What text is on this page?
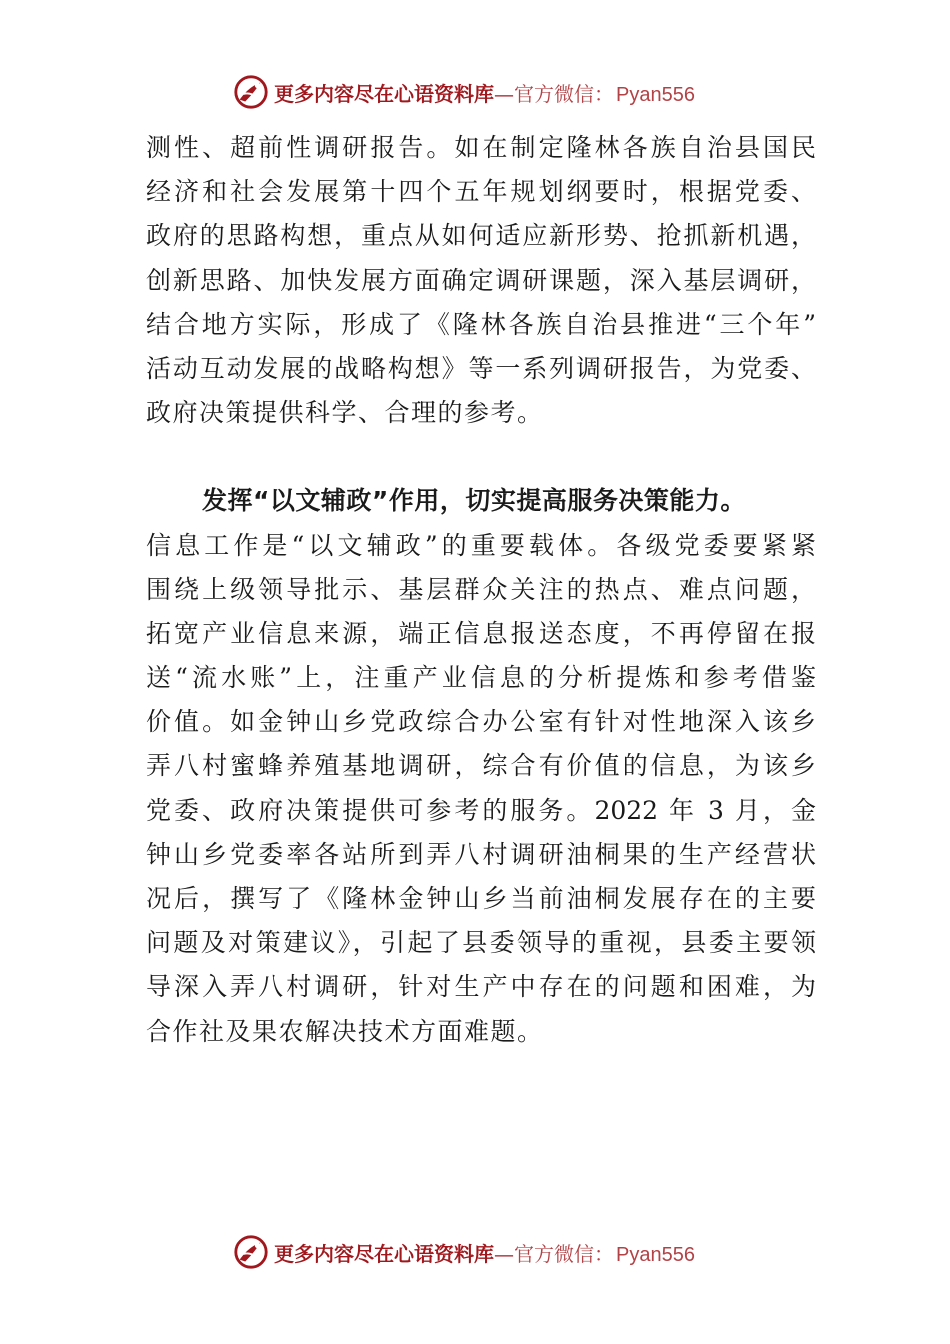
更多内容尽在心语资料库—官方微信： Pyan556
测性、超前性调研报告。如在制定隆林各族自治县国民
经济和社会发展第十四个五年规划纲要时，根据党委、
政府的思路构想，重点从如何适应新形势、抢抓新机遇，
创新思路、加快发展方面确定调研课题，深入基层调研，
结合地方实际，形成了《隆林各族自治县推进“三个年”
活动互动发展的战略构想》等一系列调研报告，为党委、
政府决策提供科学、合理的参考。
发挥“以文辅政”作用，切实提高服务决策能力。
信息工作是“以文辅政”的重要载体。各级党委要紧紧
围绕上级领导批示、基层群众关注的热点、难点问题，
拓宽产业信息来源，端正信息报送态度，不再停留在报
送“流水账”上，注重产业信息的分析提炼和参考借鉴
价值。如金钟山乡党政综合办公室有针对性地深入该乡
弄八村蜜蜂养殖基地调研，综合有价值的信息，为该乡
党委、政府决策提供可参考的服务。2022 年 3 月，金
钟山乡党委率各站所到弄八村调研油桐果的生产经营状
况后，撰写了《隆林金钟山乡当前油桐发展存在的主要
问题及对策建议》，引起了县委领导的重视，县委主要领
导深入弄八村调研，针对生产中存在的问题和困难，为
合作社及果农解决技术方面难题。
更多内容尽在心语资料库—官方微信： Pyan556
